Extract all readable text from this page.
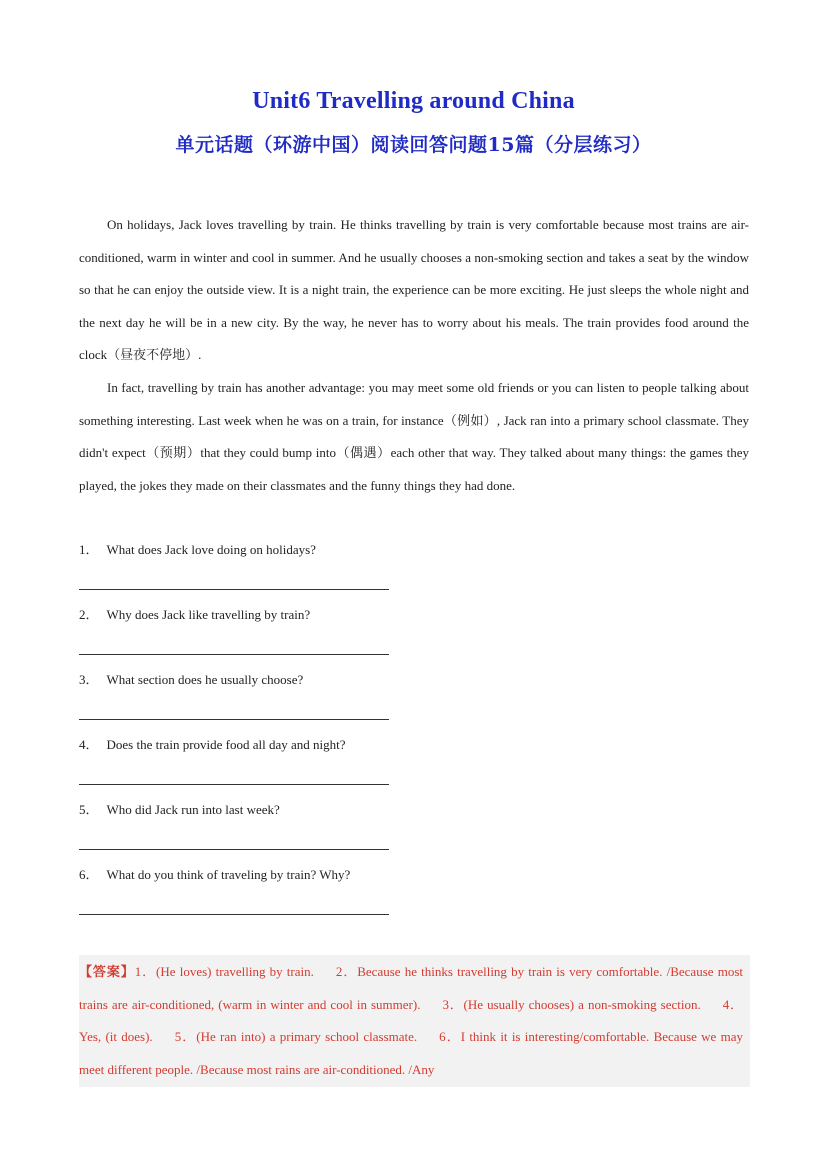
Unit6 Travelling around China
单元话题（环游中国）阅读回答问题15篇（分层练习）

On holidays, Jack loves travelling by train. He thinks travelling by train is very comfortable because most trains are air-conditioned, warm in winter and cool in summer. And he usually chooses a non-smoking section and takes a seat by the window so that he can enjoy the outside view. It is a night train, the experience can be more exciting. He just sleeps the whole night and the next day he will be in a new city. By the way, he never has to worry about his meals. The train provides food around the clock（昼夜不停地）.

In fact, travelling by train has another advantage: you may meet some old friends or you can listen to people talking about something interesting. Last week when he was on a train, for instance（例如）, Jack ran into a primary school classmate. They didn't expect（预期）that they could bump into（偶遇）each other that way. They talked about many things: the games they played, the jokes they made on their classmates and the funny things they had done.

1． What does Jack love doing on holidays?
2． Why does Jack like travelling by train?
3． What section does he usually choose?
4． Does the train provide food all day and night?
5． Who did Jack run into last week?
6． What do you think of traveling by train? Why?
【答案】1．(He loves) travelling by train. 2．Because he thinks travelling by train is very comfortable. /Because most trains are air-conditioned, (warm in winter and cool in summer). 3．(He usually chooses) a non-smoking section. 4．Yes, (it does). 5．(He ran into) a primary school classmate. 6．I think it is interesting/comfortable. Because we may meet different people. /Because most rains are air-conditioned. /Any
